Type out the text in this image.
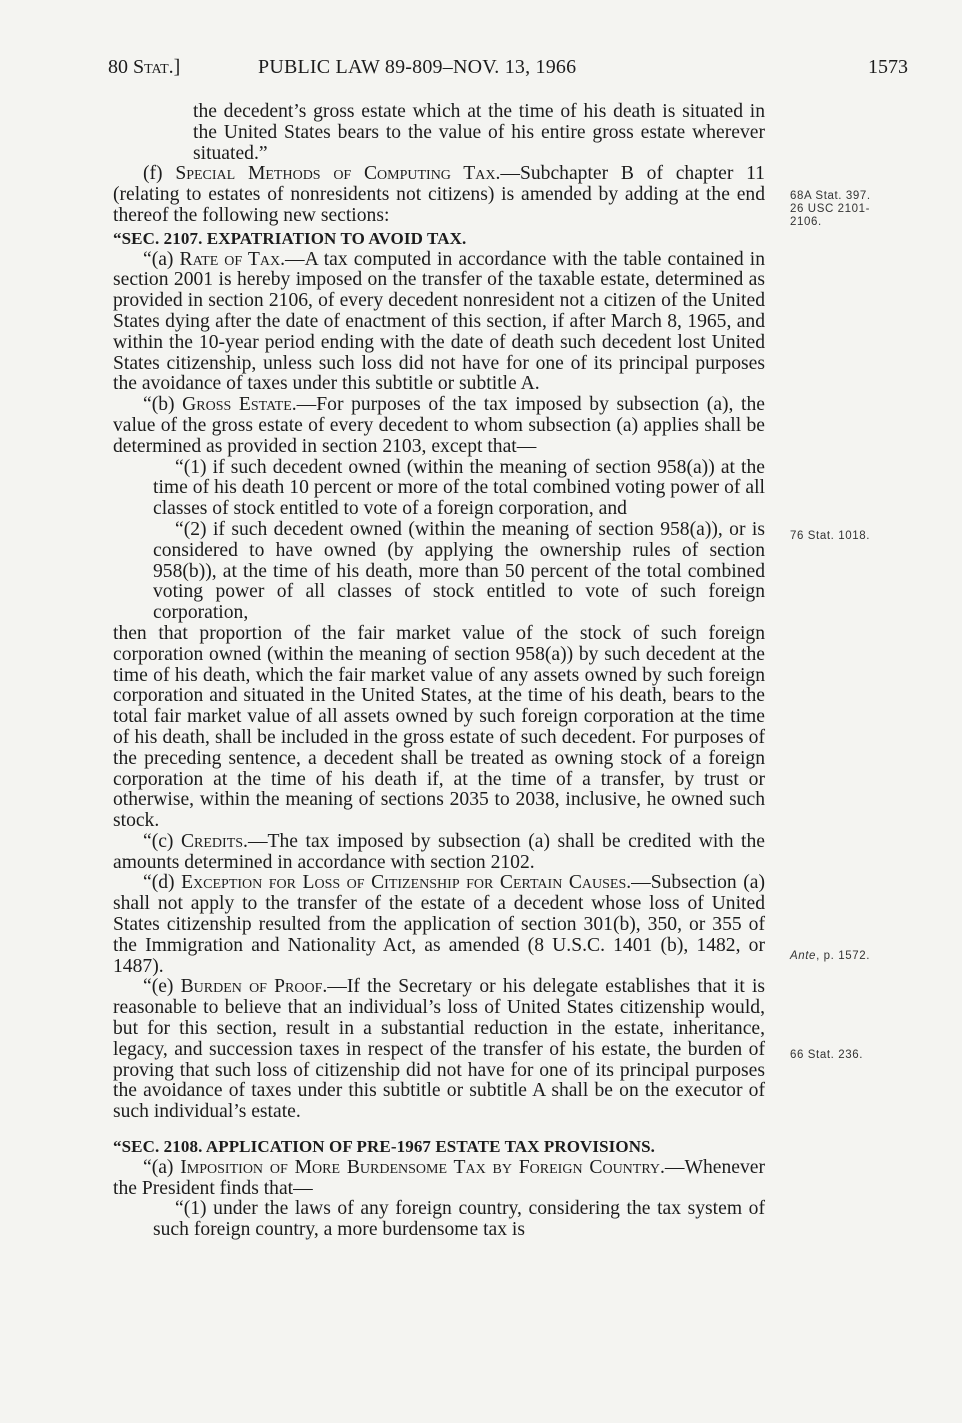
80 Stat.]	PUBLIC LAW 89-809–NOV. 13, 1966	1573

the decedent’s gross estate which at the time of his death is situated in the United States bears to the value of his entire gross estate wherever situated.”

(f) Special Methods of Computing Tax.—Subchapter B of chapter 11 (relating to estates of nonresidents not citizens) is amended by adding at the end thereof the following new sections:

“SEC. 2107. EXPATRIATION TO AVOID TAX.

“(a) Rate of Tax.—A tax computed in accordance with the table contained in section 2001 is hereby imposed on the transfer of the taxable estate, determined as provided in section 2106, of every decedent nonresident not a citizen of the United States dying after the date of enactment of this section, if after March 8, 1965, and within the 10-year period ending with the date of death such decedent lost United States citizenship, unless such loss did not have for one of its principal purposes the avoidance of taxes under this subtitle or subtitle A.

“(b) Gross Estate.—For purposes of the tax imposed by subsection (a), the value of the gross estate of every decedent to whom subsection (a) applies shall be determined as provided in section 2103, except that—

“(1) if such decedent owned (within the meaning of section 958(a)) at the time of his death 10 percent or more of the total combined voting power of all classes of stock entitled to vote of a foreign corporation, and

“(2) if such decedent owned (within the meaning of section 958(a)), or is considered to have owned (by applying the ownership rules of section 958(b)), at the time of his death, more than 50 percent of the total combined voting power of all classes of stock entitled to vote of such foreign corporation,

then that proportion of the fair market value of the stock of such foreign corporation owned (within the meaning of section 958(a)) by such decedent at the time of his death, which the fair market value of any assets owned by such foreign corporation and situated in the United States, at the time of his death, bears to the total fair market value of all assets owned by such foreign corporation at the time of his death, shall be included in the gross estate of such decedent. For purposes of the preceding sentence, a decedent shall be treated as owning stock of a foreign corporation at the time of his death if, at the time of a transfer, by trust or otherwise, within the meaning of sections 2035 to 2038, inclusive, he owned such stock.

“(c) Credits.—The tax imposed by subsection (a) shall be credited with the amounts determined in accordance with section 2102.

“(d) Exception for Loss of Citizenship for Certain Causes.—Subsection (a) shall not apply to the transfer of the estate of a decedent whose loss of United States citizenship resulted from the application of section 301(b), 350, or 355 of the Immigration and Nationality Act, as amended (8 U.S.C. 1401 (b), 1482, or 1487).

“(e) Burden of Proof.—If the Secretary or his delegate establishes that it is reasonable to believe that an individual’s loss of United States citizenship would, but for this section, result in a substantial reduction in the estate, inheritance, legacy, and succession taxes in respect of the transfer of his estate, the burden of proving that such loss of citizenship did not have for one of its principal purposes the avoidance of taxes under this subtitle or subtitle A shall be on the executor of such individual’s estate.

“SEC. 2108. APPLICATION OF PRE-1967 ESTATE TAX PROVISIONS.

“(a) Imposition of More Burdensome Tax by Foreign Country.—Whenever the President finds that—

“(1) under the laws of any foreign country, considering the tax system of such foreign country, a more burdensome tax is

68A Stat. 397.
26 USC 2101-
2106.
76 Stat. 1018.
Ante, p. 1572.
66 Stat. 236.
